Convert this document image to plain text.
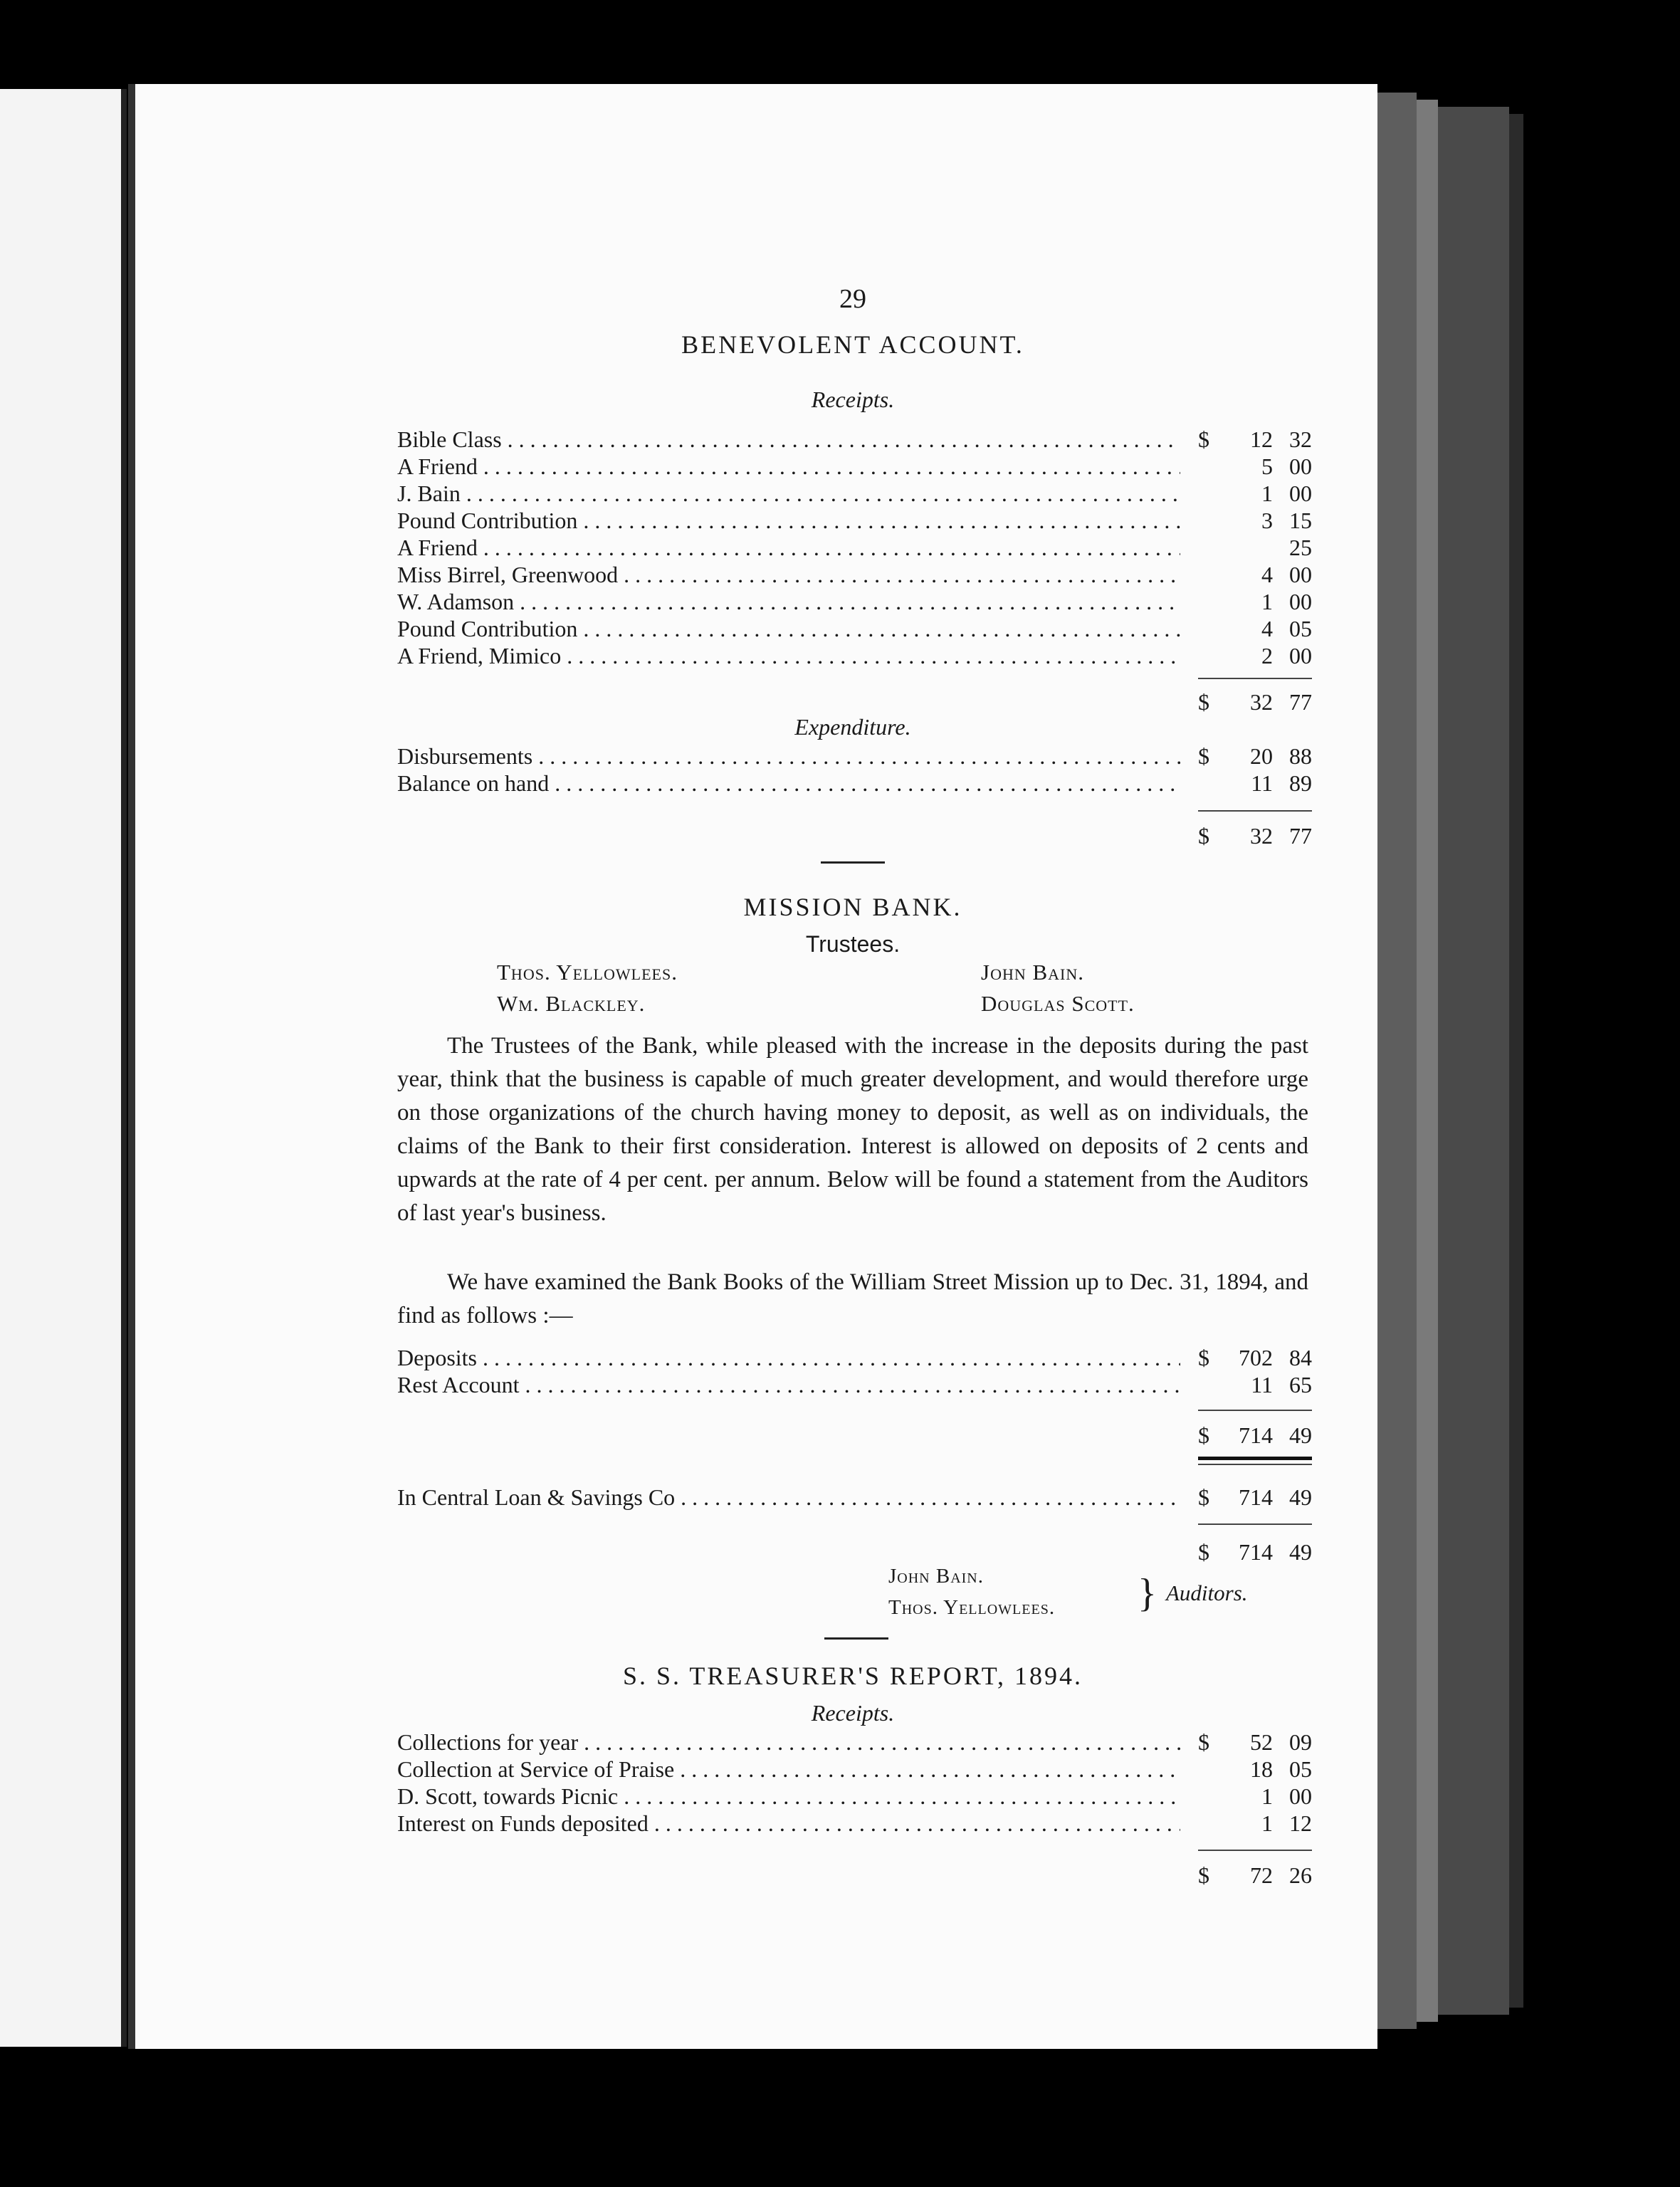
29
BENEVOLENT ACCOUNT.
Receipts.
Bible Class . . .	$	12 32
A Friend . . .	5 00
J. Bain . . .	1 00
Pound Contribution . . .	3 15
A Friend . . .	25
Miss Birrel, Greenwood . . .	4 00
W. Adamson . . .	1 00
Pound Contribution . . .	4 05
A Friend, Mimico . . .	2 00
$	32 77
Expenditure.
Disbursements . . .	$	20 88
Balance on hand . . .	11 89
$	32 77
MISSION BANK.
Trustees.
Thos. Yellowlees.	John Bain.
Wm. Blackley.	Douglas Scott.
The Trustees of the Bank, while pleased with the increase in the deposits during the past year, think that the business is capable of much greater development, and would therefore urge on those organizations of the church having money to deposit, as well as on individuals, the claims of the Bank to their first consideration. Interest is allowed on deposits of 2 cents and upwards at the rate of 4 per cent. per annum. Below will be found a statement from the Auditors of last year's business.
We have examined the Bank Books of the William Street Mission up to Dec. 31, 1894, and find as follows :—
Deposits . . .	$	702 84
Rest Account . . .	11 65
$	714 49
In Central Loan & Savings Co . . .	$	714 49
$	714 49
John Bain.
Thos. Yellowlees. } Auditors.
S. S. TREASURER'S REPORT, 1894.
Receipts.
Collections for year . . .	$	52 09
Collection at Service of Praise . . .	18 05
D. Scott, towards Picnic . . .	1 00
Interest on Funds deposited . . .	1 12
$	72 26
